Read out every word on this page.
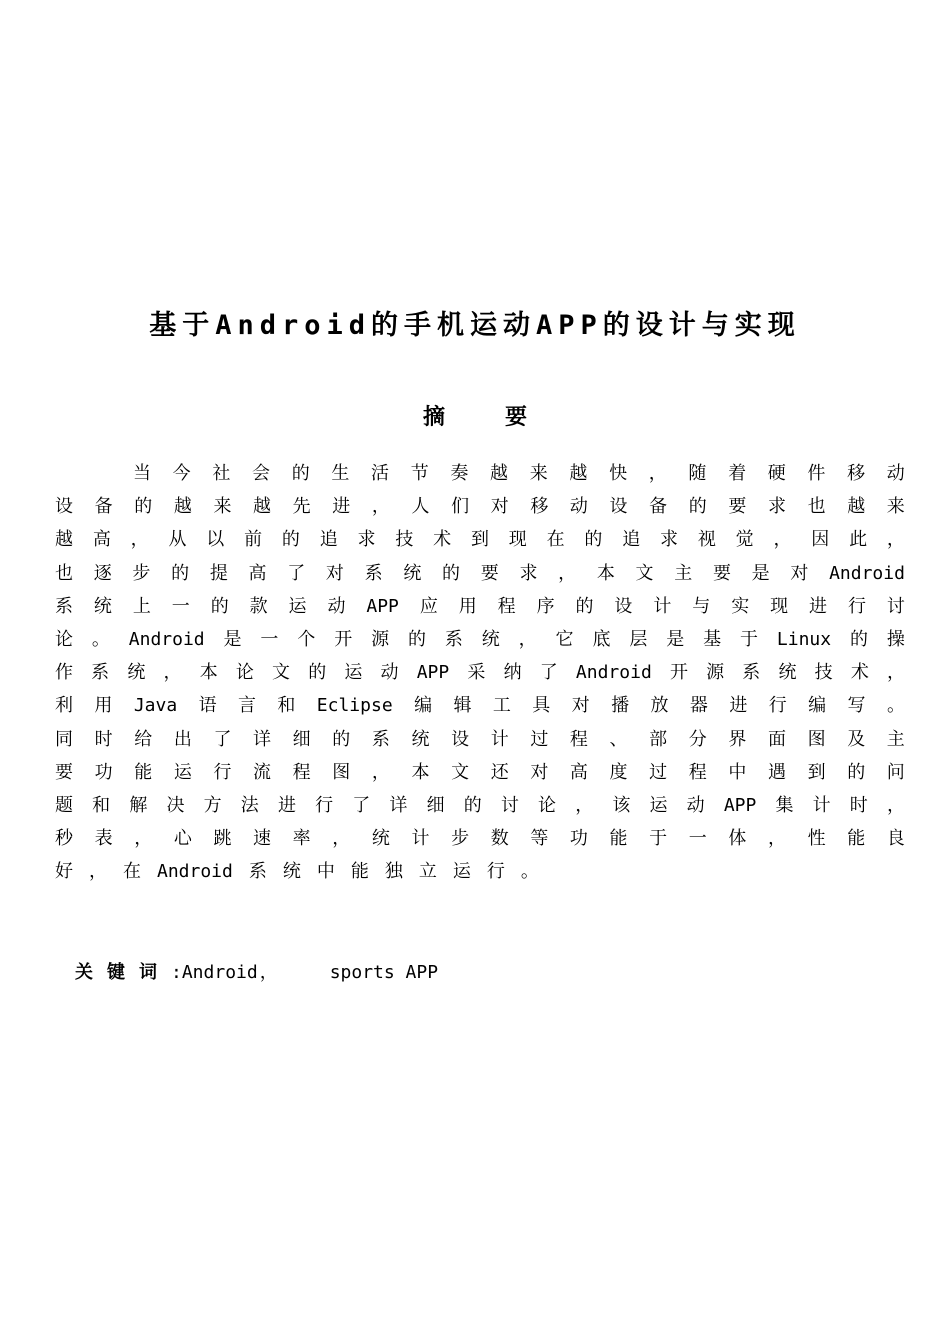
基于Android的手机运动APP的设计与实现
摘	要
当 今 社 会 的 生 活 节 奏 越 来 越 快 ， 随 着 硬 件 移 动
设 备 的 越 来 越 先 进 ， 人 们 对 移 动 设 备 的 要 求 也 越 来
越 高 ， 从 以 前 的 追 求 技 术 到 现 在 的 追 求 视 觉 ， 因 此 ，
也 逐 步 的 提 高 了 对 系 统 的 要 求 ， 本 文 主 要 是 对 Android
系 统 上 一 的 款 运 动 APP 应 用 程 序 的 设 计 与 实 现 进 行 讨
论 。 Android 是 一 个 开 源 的 系 统 ， 它 底 层 是 基 于 Linux 的 操
作 系 统 ， 本 论 文 的 运 动 APP 采 纳 了 Android 开 源 系 统 技 术 ，
利 用 Java 语 言 和 Eclipse 编 辑 工 具 对 播 放 器 进 行 编 写 。
同 时 给 出 了 详 细 的 系 统 设 计 过 程 、 部 分 界 面 图 及 主
要 功 能 运 行 流 程 图 ， 本 文 还 对 高 度 过 程 中 遇 到 的 问
题 和 解 决 方 法 进 行 了 详 细 的 讨 论 ， 该 运 动 APP 集 计 时 ，
秒 表 ， 心 跳 速 率 ， 统 计 步 数 等 功 能 于 一 体 ， 性 能 良
好 ， 在 Android 系 统 中 能 独 立 运 行 。
关键词:Android ，	sports APP
